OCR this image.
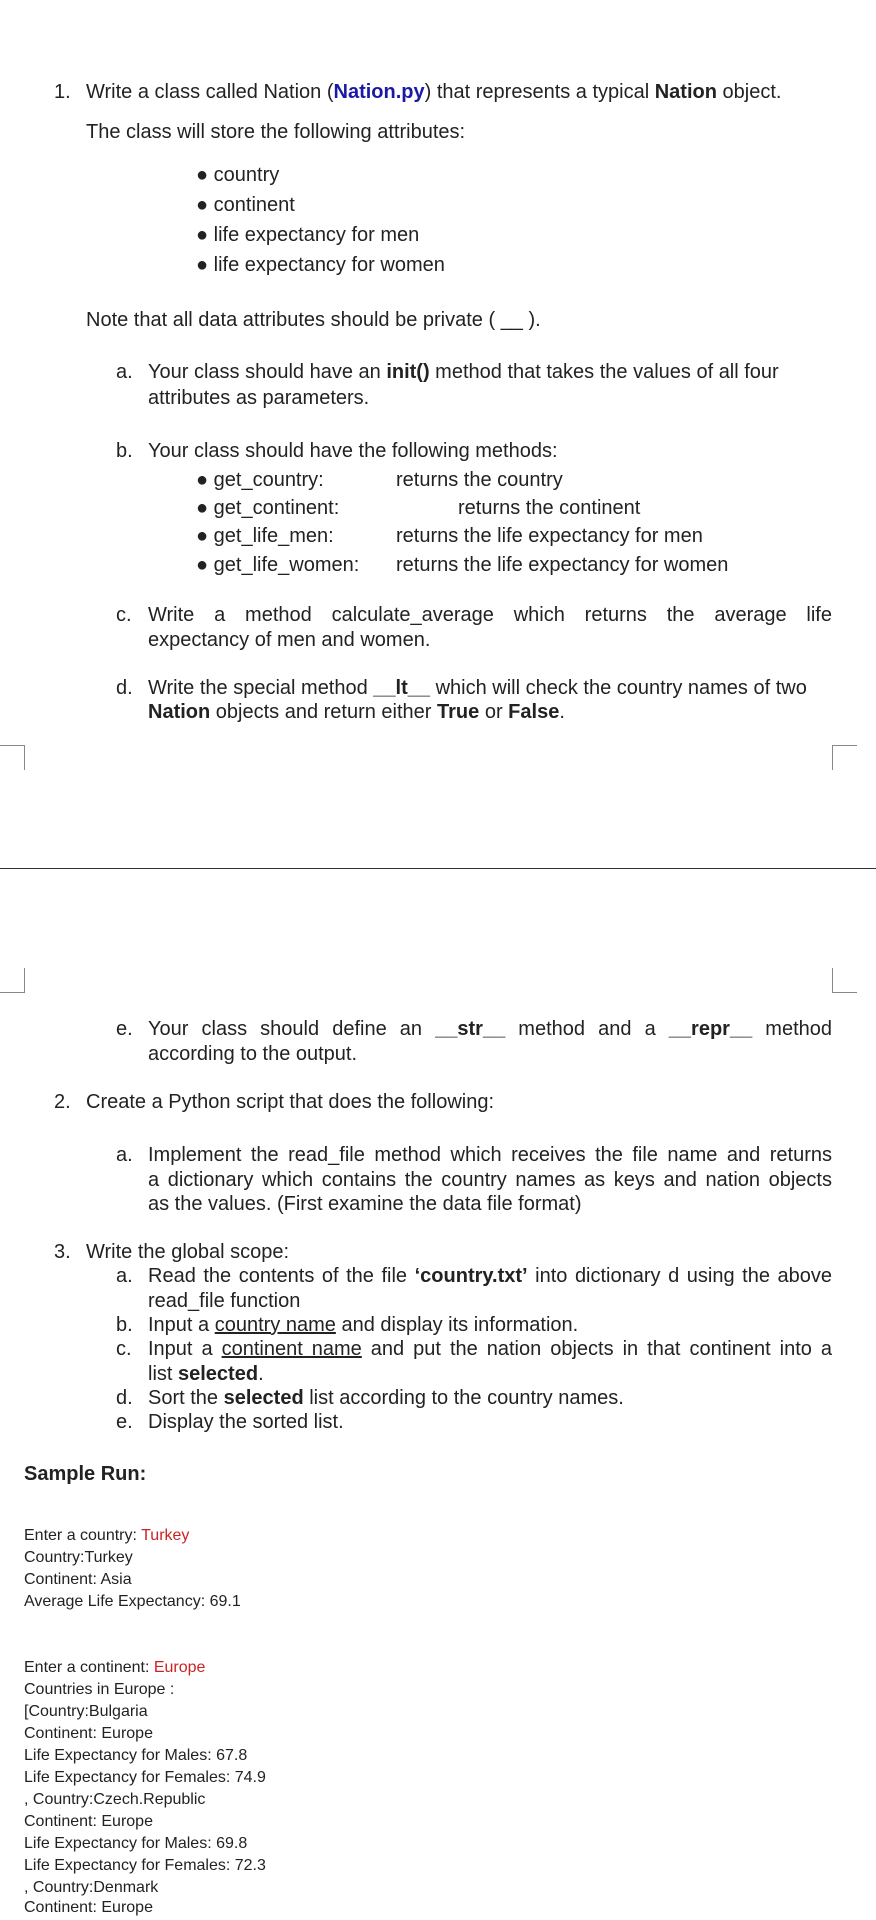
1. Write a class called Nation (Nation.py) that represents a typical Nation object.
The class will store the following attributes:
● country
● continent
● life expectancy for men
● life expectancy for women
Note that all data attributes should be private ( __ ).
a. Your class should have an init() method that takes the values of all four
attributes as parameters.
b. Your class should have the following methods:
● get_country:	returns the country
● get_continent:	returns the continent
● get_life_men:	returns the life expectancy for men
● get_life_women: returns the life expectancy for women
c. Write a method calculate_average which returns the average life
expectancy of men and women.
d. Write the special method __lt__ which will check the country names of two
Nation objects and return either True or False.
e. Your class should define an __str__ method and a __repr__ method
according to the output.
2. Create a Python script that does the following:
a. Implement the read_file method which receives the file name and returns
a dictionary which contains the country names as keys and nation objects
as the values. (First examine the data file format)
3. Write the global scope:
a. Read the contents of the file ‘country.txt’ into dictionary d using the above
read_file function
b. Input a country name and display its information.
c. Input a continent name and put the nation objects in that continent into a
list selected.
d. Sort the selected list according to the country names.
e. Display the sorted list.
Sample Run:
Enter a country: Turkey
Country:Turkey
Continent: Asia
Average Life Expectancy: 69.1
Enter a continent: Europe
Countries in Europe :
[Country:Bulgaria
Continent: Europe
Life Expectancy for Males: 67.8
Life Expectancy for Females: 74.9
, Country:Czech.Republic
Continent: Europe
Life Expectancy for Males: 69.8
Life Expectancy for Females: 72.3
, Country:Denmark
Continent: Europe
